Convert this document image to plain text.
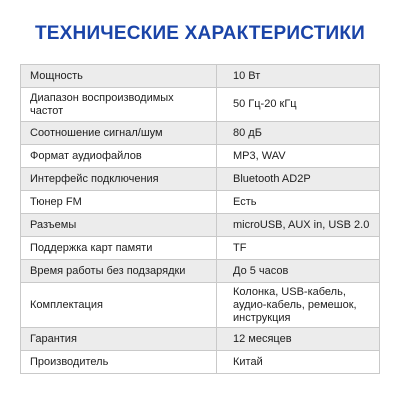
ТЕХНИЧЕСКИЕ ХАРАКТЕРИСТИКИ
Мощность	10 Вт
Диапазон воспроизводимых частот	50 Гц-20 кГц
Соотношение сигнал/шум	80 дБ
Формат аудиофайлов	MP3, WAV
Интерфейс подключения	Bluetooth AD2P
Тюнер FM	Есть
Разъемы	microUSB, AUX in, USB 2.0
Поддержка карт памяти	TF
Время работы без подзарядки	До 5 часов
Комплектация	Колонка, USB-кабель, аудио-кабель, ремешок, инструкция
Гарантия	12 месяцев
Производитель	Китай
